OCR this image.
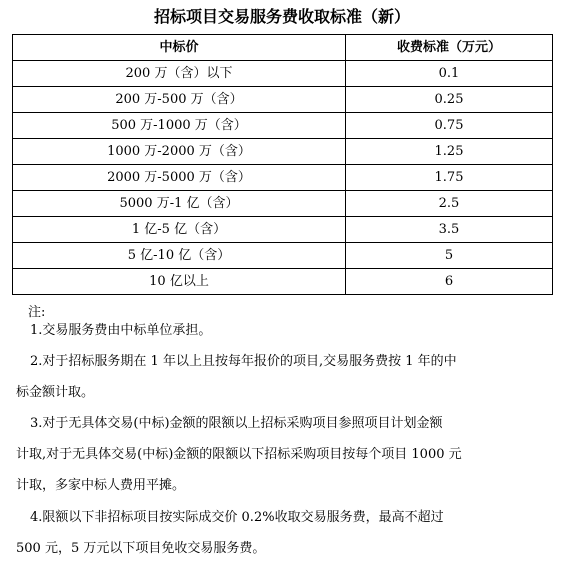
招标项目交易服务费收取标准（新）
中标价	收费标准（万元）
200 万（含）以下	0.1
200 万-500 万（含）	0.25
500 万-1000 万（含）	0.75
1000 万-2000 万（含）	1.25
2000 万-5000 万（含）	1.75
5000 万-1 亿（含）	2.5
1 亿-5 亿（含）	3.5
5 亿-10 亿（含）	5
10 亿以上	6
注:
1.交易服务费由中标单位承担。
2.对于招标服务期在 1 年以上且按每年报价的项目,交易服务费按 1 年的中
标金额计取。
3.对于无具体交易(中标)金额的限额以上招标采购项目参照项目计划金额
计取,对于无具体交易(中标)金额的限额以下招标采购项目按每个项目 1000 元
计取，多家中标人费用平摊。
4.限额以下非招标项目按实际成交价 0.2%收取交易服务费，最高不超过
500 元，5 万元以下项目免收交易服务费。
